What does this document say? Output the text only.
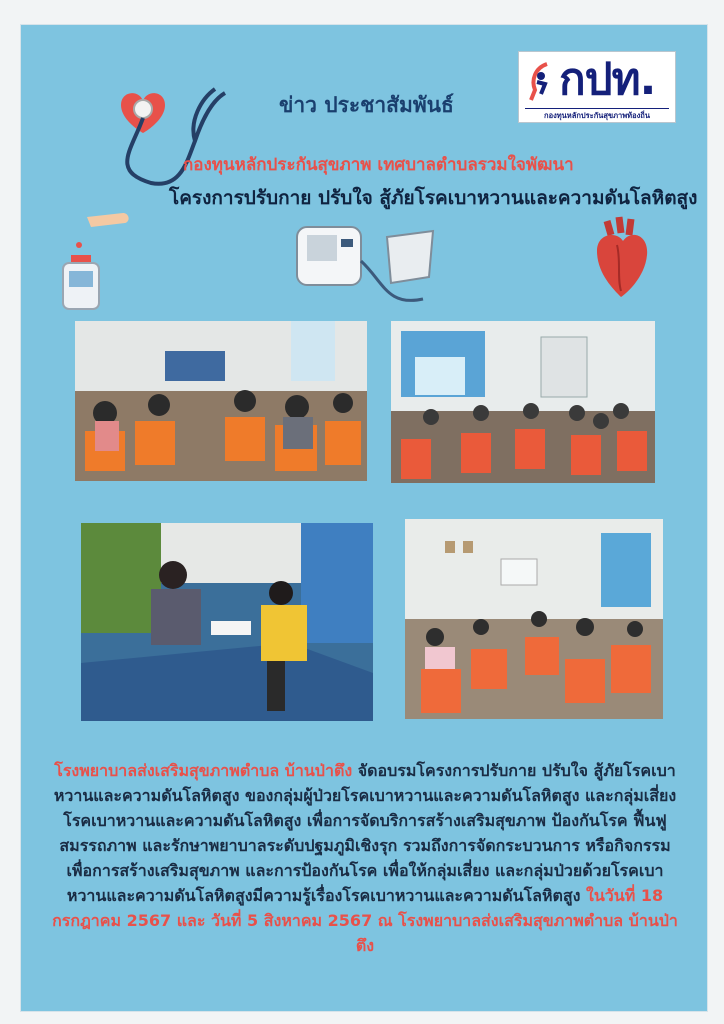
กปท.
กองทุนหลักประกันสุขภาพท้องถิ่น
ข่าว ประชาสัมพันธ์
กองทุนหลักประกันสุขภาพ เทศบาลตำบลรวมใจพัฒนา
โครงการปรับกาย ปรับใจ สู้ภัยโรคเบาหวานและความดันโลหิตสูง
โรงพยาบาลส่งเสริมสุขภาพตำบล บ้านป่าตึง จัดอบรมโครงการปรับกาย ปรับใจ สู้ภัยโรคเบาหวานและความดันโลหิตสูง ของกลุ่มผู้ป่วยโรคเบาหวานและความดันโลหิตสูง และกลุ่มเสี่ยงโรคเบาหวานและความดันโลหิตสูง เพื่อการจัดบริการสร้างเสริมสุขภาพ ป้องกันโรค ฟื้นฟูสมรรถภาพ และรักษาพยาบาลระดับปฐมภูมิเชิงรุก รวมถึงการจัดกระบวนการ หรือกิจกรรมเพื่อการสร้างเสริมสุขภาพ และการป้องกันโรค เพื่อให้กลุ่มเสี่ยง และกลุ่มป่วยด้วยโรคเบาหวานและความดันโลหิตสูงมีความรู้เรื่องโรคเบาหวานและความดันโลหิตสูง ในวันที่ 18 กรกฎาคม 2567 และ วันที่ 5 สิงหาคม 2567 ณ โรงพยาบาลส่งเสริมสุขภาพตำบล บ้านป่าตึง
